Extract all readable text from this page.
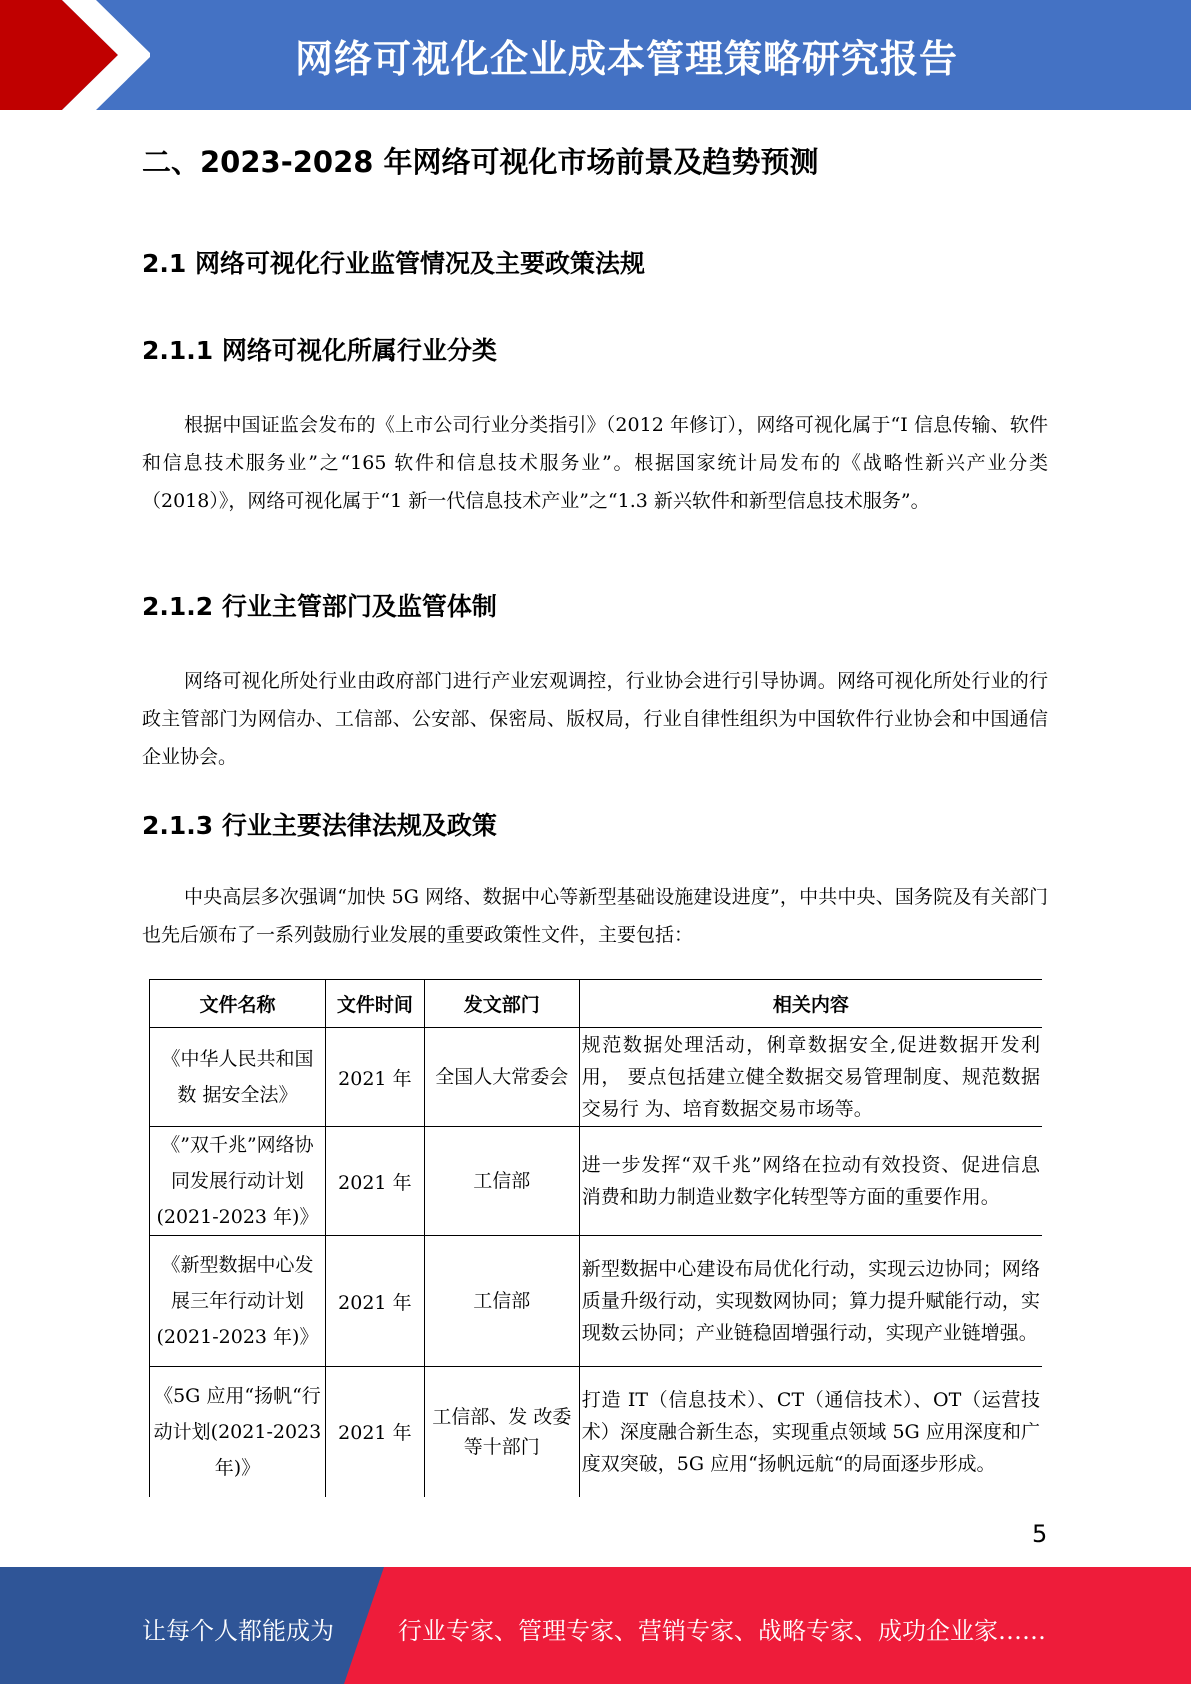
网络可视化企业成本管理策略研究报告
二、2023-2028 年网络可视化市场前景及趋势预测
2.1 网络可视化行业监管情况及主要政策法规
2.1.1 网络可视化所属行业分类

根据中国证监会发布的《上市公司行业分类指引》（2012 年修订），网络可视化属于“I 信息传输、软件和信息技术服务业”之“165 软件和信息技术服务业”。根据国家统计局发布的《战略性新兴产业分类（2018）》，网络可视化属于“1 新一代信息技术产业”之“1.3 新兴软件和新型信息技术服务”。

2.1.2 行业主管部门及监管体制

网络可视化所处行业由政府部门进行产业宏观调控，行业协会进行引导协调。网络可视化所处行业的行政主管部门为网信办、工信部、公安部、保密局、版权局，行业自律性组织为中国软件行业协会和中国通信企业协会。

2.1.3 行业主要法律法规及政策

中央高层多次强调“加快 5G 网络、数据中心等新型基础设施建设进度”，中共中央、国务院及有关部门也先后颁布了一系列鼓励行业发展的重要政策性文件，主要包括：

文件名称	文件时间	发文部门	相关内容
《中华人民共和国数 据安全法》	2021 年	全国人大常委会	规范数据处理活动，俐章数据安全,促进数据开发利用， 要点包括建立健全数据交易管理制度、规范数据交易行 为、培育数据交易市场等。
《”双千兆”网络协同发展行动计划(2021-2023 年)》	2021 年	工信部	进一步发挥“双千兆”网络在拉动有效投资、促进信息 消费和助力制造业数字化转型等方面的重要作用。
《新型数据中心发展三年行动计划(2021-2023 年)》	2021 年	工信部	新型数据中心建设布局优化行动，实现云边协同；网络 质量升级行动，实现数网协同；算力提升赋能行动，实 现数云协同；产业链稳固增强行动，实现产业链增强。
《5G 应用“扬帆“行动计划(2021-2023 年)》	2021 年	工信部、发 改委等十部门	打造 IT（信息技术）、CT（通信技术）、OT（运营技术）深度融合新生态，实现重点领域 5G 应用深度和广度双突破，5G 应用“扬帆远航“的局面逐步形成。
5
让每个人都能成为	行业专家、管理专家、营销专家、战略专家、成功企业家……
